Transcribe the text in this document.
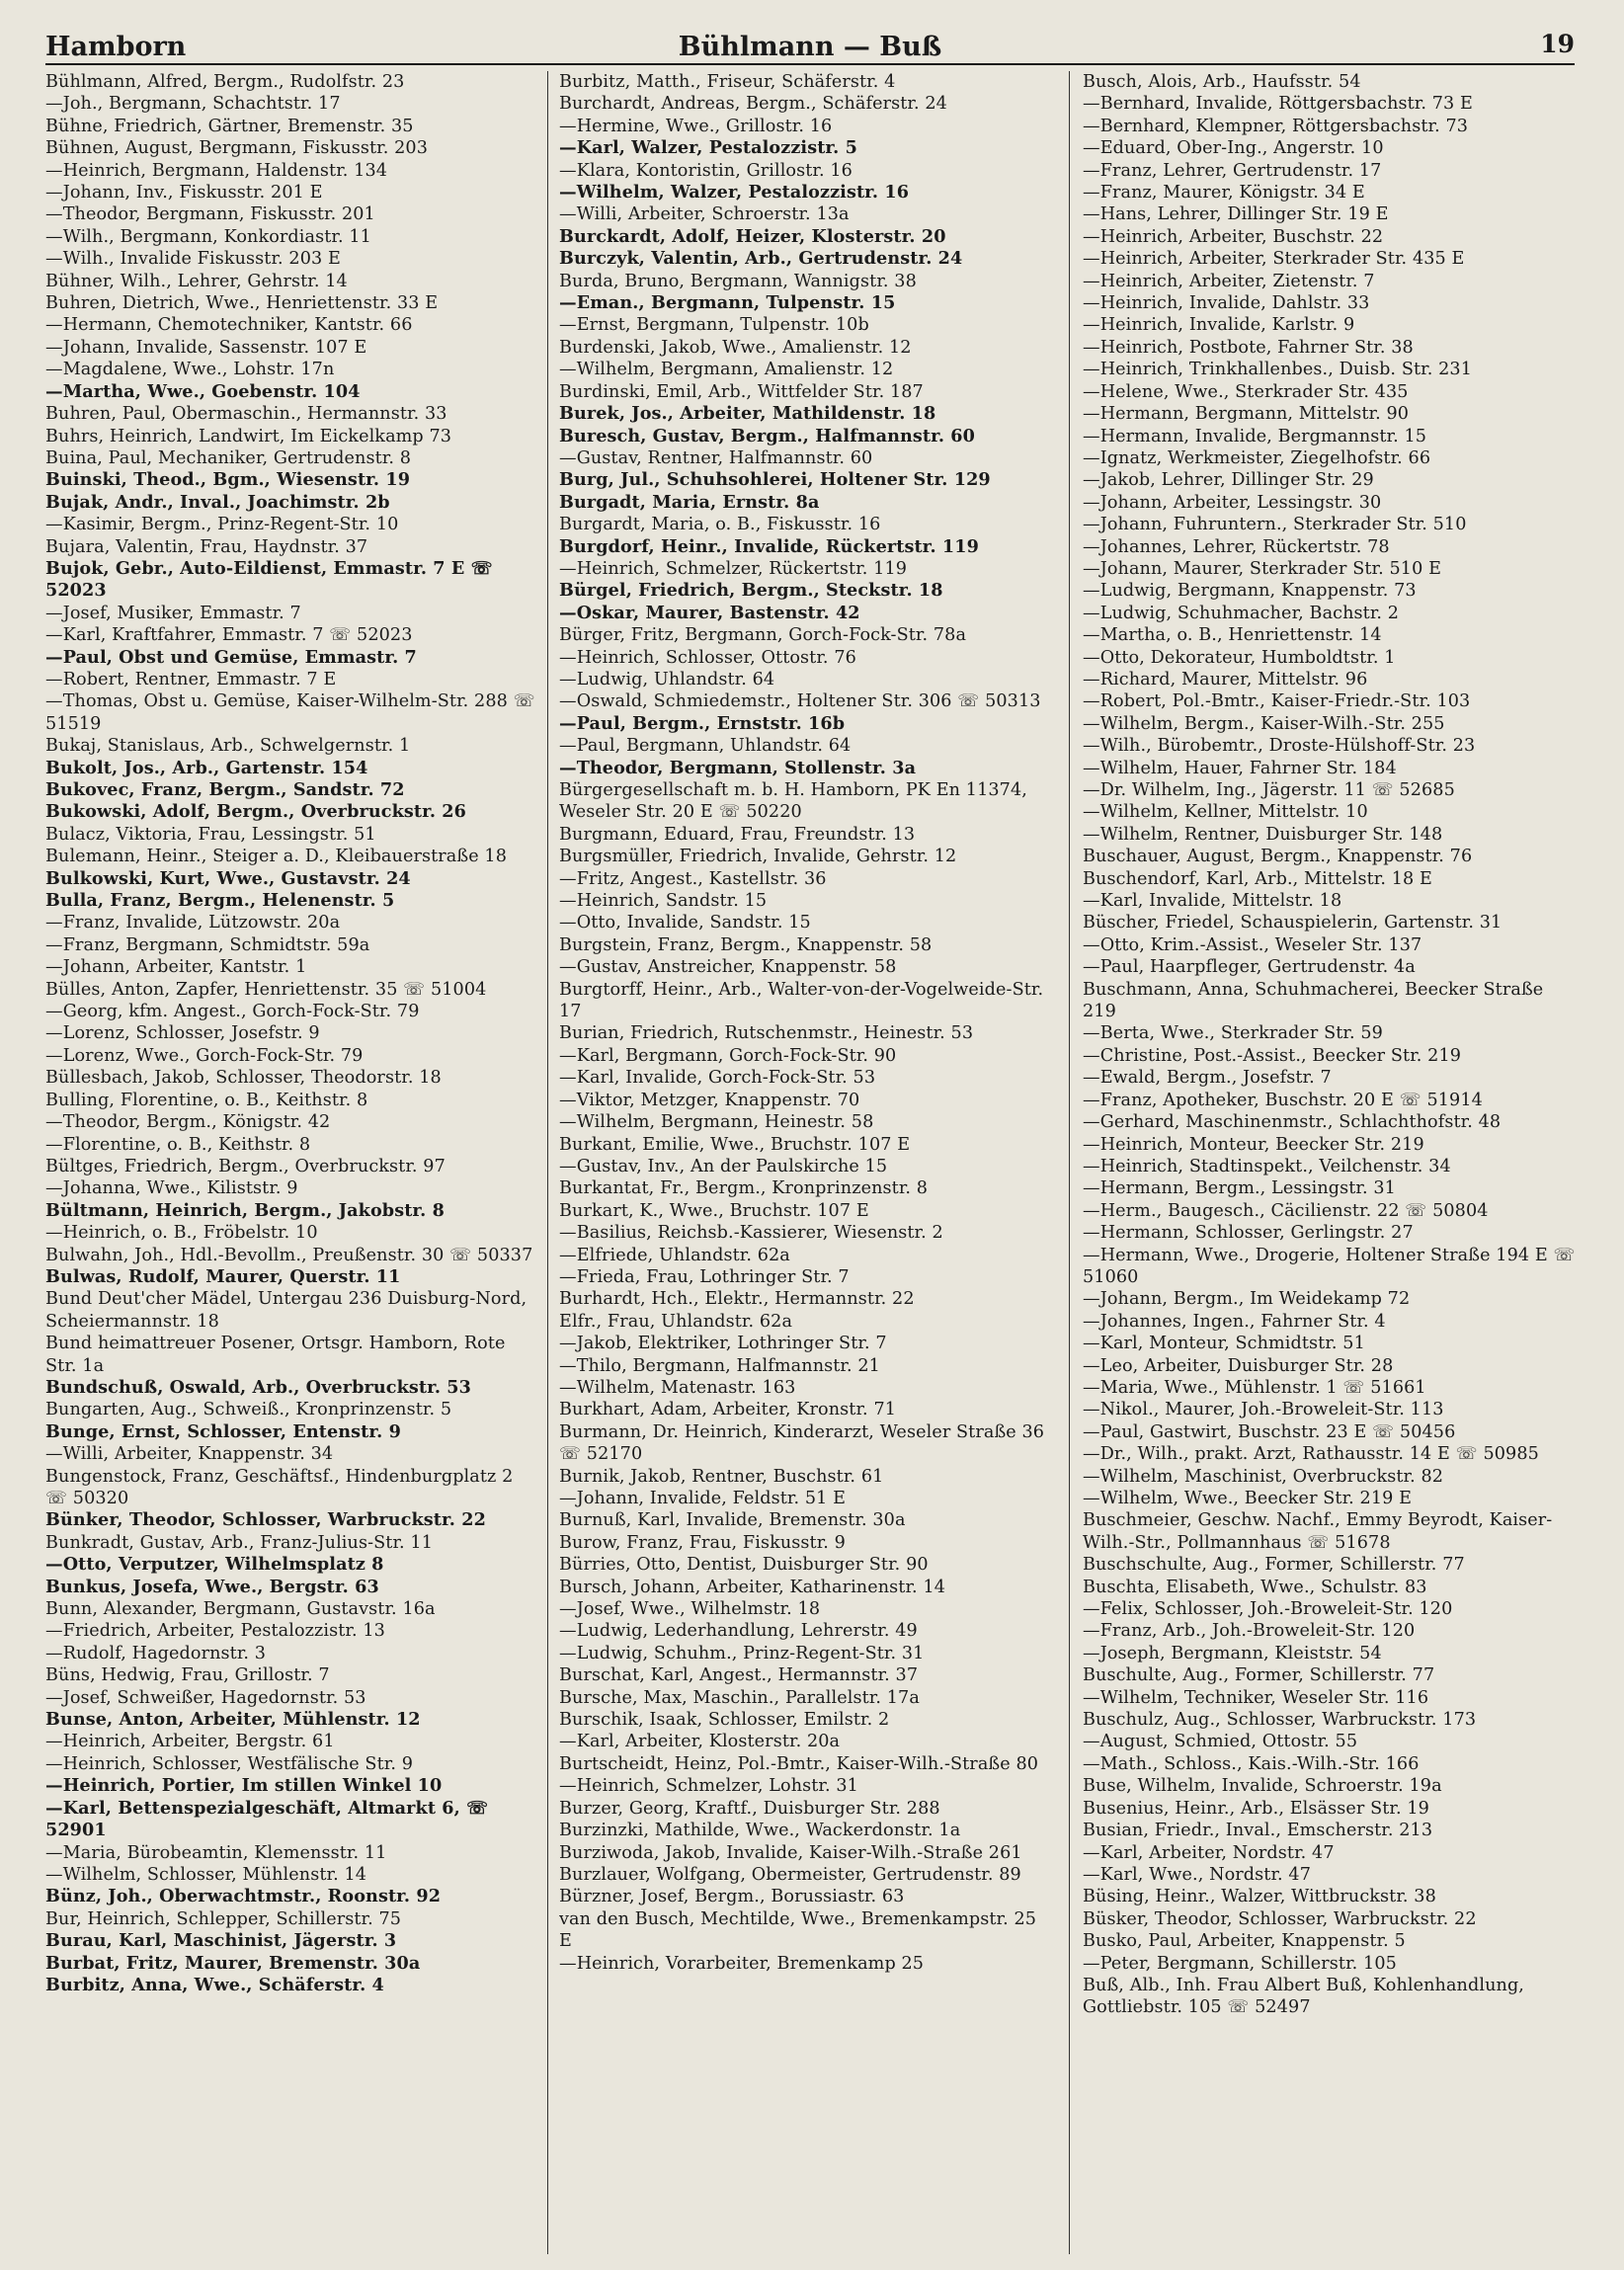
Hamborn	Bühlmann — Buß	19

Bühlmann, Alfred, Bergm., Rudolfstr. 23

—Joh., Bergmann, Schachtstr. 17

Bühne, Friedrich, Gärtner, Bremenstr. 35

Bühnen, August, Bergmann, Fiskusstr. 203

—Heinrich, Bergmann, Haldenstr. 134

—Johann, Inv., Fiskusstr. 201 E

—Theodor, Bergmann, Fiskusstr. 201

—Wilh., Bergmann, Konkordiastr. 11

—Wilh., Invalide Fiskusstr. 203 E

Bühner, Wilh., Lehrer, Gehrstr. 14

Buhren, Dietrich, Wwe., Henriettenstr. 33 E

—Hermann, Chemotechniker, Kantstr. 66

—Johann, Invalide, Sassenstr. 107 E

—Magdalene, Wwe., Lohstr. 17n

—Martha, Wwe., Goebenstr. 104

Buhren, Paul, Obermaschin., Hermannstr. 33

Buhrs, Heinrich, Landwirt, Im Eickelkamp 73

Buina, Paul, Mechaniker, Gertrudenstr. 8

Buinski, Theod., Bgm., Wiesenstr. 19

Bujak, Andr., Inval., Joachimstr. 2b

—Kasimir, Bergm., Prinz-Regent-Str. 10

Bujara, Valentin, Frau, Haydnstr. 37

Bujok, Gebr., Auto-Eildienst, Emmastr. 7 E ☏ 52023

—Josef, Musiker, Emmastr. 7

—Karl, Kraftfahrer, Emmastr. 7 ☏ 52023

—Paul, Obst und Gemüse, Emmastr. 7

—Robert, Rentner, Emmastr. 7 E

—Thomas, Obst u. Gemüse, Kaiser-Wilhelm-Str. 288 ☏ 51519

Bukaj, Stanislaus, Arb., Schwelgernstr. 1

Bukolt, Jos., Arb., Gartenstr. 154

Bukovec, Franz, Bergm., Sandstr. 72

Bukowski, Adolf, Bergm., Overbruckstr. 26

Bulacz, Viktoria, Frau, Lessingstr. 51

Bulemann, Heinr., Steiger a. D., Kleibauerstraße 18

Bulkowski, Kurt, Wwe., Gustavstr. 24

Bulla, Franz, Bergm., Helenenstr. 5

—Franz, Invalide, Lützowstr. 20a

—Franz, Bergmann, Schmidtstr. 59a

—Johann, Arbeiter, Kantstr. 1

Bülles, Anton, Zapfer, Henriettenstr. 35 ☏ 51004

—Georg, kfm. Angest., Gorch-Fock-Str. 79

—Lorenz, Schlosser, Josefstr. 9

—Lorenz, Wwe., Gorch-Fock-Str. 79

Büllesbach, Jakob, Schlosser, Theodorstr. 18

Bulling, Florentine, o. B., Keithstr. 8

—Theodor, Bergm., Königstr. 42

—Florentine, o. B., Keithstr. 8

Bültges, Friedrich, Bergm., Overbruckstr. 97

—Johanna, Wwe., Kiliststr. 9

Bültmann, Heinrich, Bergm., Jakobstr. 8

—Heinrich, o. B., Fröbelstr. 10

Bulwahn, Joh., Hdl.-Bevollm., Preußenstr. 30 ☏ 50337

Bulwas, Rudolf, Maurer, Querstr. 11

Bund Deut'cher Mädel, Untergau 236 Duisburg-Nord, Scheiermannstr. 18

Bund heimattreuer Posener, Ortsgr. Hamborn, Rote Str. 1a

Bundschuß, Oswald, Arb., Overbruckstr. 53

Bungarten, Aug., Schweiß., Kronprinzenstr. 5

Bunge, Ernst, Schlosser, Entenstr. 9

—Willi, Arbeiter, Knappenstr. 34

Bungenstock, Franz, Geschäftsf., Hindenburgplatz 2 ☏ 50320

Bünker, Theodor, Schlosser, Warbruckstr. 22

Bunkradt, Gustav, Arb., Franz-Julius-Str. 11

—Otto, Verputzer, Wilhelmsplatz 8

Bunkus, Josefa, Wwe., Bergstr. 63

Bunn, Alexander, Bergmann, Gustavstr. 16a

—Friedrich, Arbeiter, Pestalozzistr. 13

—Rudolf, Hagedornstr. 3

Büns, Hedwig, Frau, Grillostr. 7

—Josef, Schweißer, Hagedornstr. 53

Bunse, Anton, Arbeiter, Mühlenstr. 12

—Heinrich, Arbeiter, Bergstr. 61

—Heinrich, Schlosser, Westfälische Str. 9

—Heinrich, Portier, Im stillen Winkel 10

—Karl, Bettenspezialgeschäft, Altmarkt 6, ☏ 52901

—Maria, Bürobeamtin, Klemensstr. 11

—Wilhelm, Schlosser, Mühlenstr. 14

Bünz, Joh., Oberwachtmstr., Roonstr. 92

Bur, Heinrich, Schlepper, Schillerstr. 75

Burau, Karl, Maschinist, Jägerstr. 3

Burbat, Fritz, Maurer, Bremenstr. 30a

Burbitz, Anna, Wwe., Schäferstr. 4

Burbitz, Matth., Friseur, Schäferstr. 4

Burchardt, Andreas, Bergm., Schäferstr. 24

—Hermine, Wwe., Grillostr. 16

—Karl, Walzer, Pestalozzistr. 5

—Klara, Kontoristin, Grillostr. 16

—Wilhelm, Walzer, Pestalozzistr. 16

—Willi, Arbeiter, Schroerstr. 13a

Burckardt, Adolf, Heizer, Klosterstr. 20

Burczyk, Valentin, Arb., Gertrudenstr. 24

Burda, Bruno, Bergmann, Wannigstr. 38

—Eman., Bergmann, Tulpenstr. 15

—Ernst, Bergmann, Tulpenstr. 10b

Burdenski, Jakob, Wwe., Amalienstr. 12

—Wilhelm, Bergmann, Amalienstr. 12

Burdinski, Emil, Arb., Wittfelder Str. 187

Burek, Jos., Arbeiter, Mathildenstr. 18

Buresch, Gustav, Bergm., Halfmannstr. 60

—Gustav, Rentner, Halfmannstr. 60

Burg, Jul., Schuhsohlerei, Holtener Str. 129

Burgadt, Maria, Ernstr. 8a

Burgardt, Maria, o. B., Fiskusstr. 16

Burgdorf, Heinr., Invalide, Rückertstr. 119

—Heinrich, Schmelzer, Rückertstr. 119

Bürgel, Friedrich, Bergm., Steckstr. 18

—Oskar, Maurer, Bastenstr. 42

Bürger, Fritz, Bergmann, Gorch-Fock-Str. 78a

—Heinrich, Schlosser, Ottostr. 76

—Ludwig, Uhlandstr. 64

—Oswald, Schmiedemstr., Holtener Str. 306 ☏ 50313

—Paul, Bergm., Ernststr. 16b

—Paul, Bergmann, Uhlandstr. 64

—Theodor, Bergmann, Stollenstr. 3a

Bürgergesellschaft m. b. H. Hamborn, PK En 11374, Weseler Str. 20 E ☏ 50220

Burgmann, Eduard, Frau, Freundstr. 13

Burgsmüller, Friedrich, Invalide, Gehrstr. 12

—Fritz, Angest., Kastellstr. 36

—Heinrich, Sandstr. 15

—Otto, Invalide, Sandstr. 15

Burgstein, Franz, Bergm., Knappenstr. 58

—Gustav, Anstreicher, Knappenstr. 58

Burgtorff, Heinr., Arb., Walter-von-der-Vogelweide-Str. 17

Burian, Friedrich, Rutschenmstr., Heinestr. 53

—Karl, Bergmann, Gorch-Fock-Str. 90

—Karl, Invalide, Gorch-Fock-Str. 53

—Viktor, Metzger, Knappenstr. 70

—Wilhelm, Bergmann, Heinestr. 58

Burkant, Emilie, Wwe., Bruchstr. 107 E

—Gustav, Inv., An der Paulskirche 15

Burkantat, Fr., Bergm., Kronprinzenstr. 8

Burkart, K., Wwe., Bruchstr. 107 E

—Basilius, Reichsb.-Kassierer, Wiesenstr. 2

—Elfriede, Uhlandstr. 62a

—Frieda, Frau, Lothringer Str. 7

Burhardt, Hch., Elektr., Hermannstr. 22

Elfr., Frau, Uhlandstr. 62a

—Jakob, Elektriker, Lothringer Str. 7

—Thilo, Bergmann, Halfmannstr. 21

—Wilhelm, Matenastr. 163

Burkhart, Adam, Arbeiter, Kronstr. 71

Burmann, Dr. Heinrich, Kinderarzt, Weseler Straße 36 ☏ 52170

Burnik, Jakob, Rentner, Buschstr. 61

—Johann, Invalide, Feldstr. 51 E

Burnuß, Karl, Invalide, Bremenstr. 30a

Burow, Franz, Frau, Fiskusstr. 9

Bürries, Otto, Dentist, Duisburger Str. 90

Bursch, Johann, Arbeiter, Katharinenstr. 14

—Josef, Wwe., Wilhelmstr. 18

—Ludwig, Lederhandlung, Lehrerstr. 49

—Ludwig, Schuhm., Prinz-Regent-Str. 31

Burschat, Karl, Angest., Hermannstr. 37

Bursche, Max, Maschin., Parallelstr. 17a

Burschik, Isaak, Schlosser, Emilstr. 2

—Karl, Arbeiter, Klosterstr. 20a

Burtscheidt, Heinz, Pol.-Bmtr., Kaiser-Wilh.-Straße 80

—Heinrich, Schmelzer, Lohstr. 31

Burzer, Georg, Kraftf., Duisburger Str. 288

Burzinzki, Mathilde, Wwe., Wackerdonstr. 1a

Burziwoda, Jakob, Invalide, Kaiser-Wilh.-Straße 261

Burzlauer, Wolfgang, Obermeister, Gertrudenstr. 89

Bürzner, Josef, Bergm., Borussiastr. 63

van den Busch, Mechtilde, Wwe., Bremenkampstr. 25 E

—Heinrich, Vorarbeiter, Bremenkamp 25

Busch, Alois, Arb., Haufsstr. 54

—Bernhard, Invalide, Röttgersbachstr. 73 E

—Bernhard, Klempner, Röttgersbachstr. 73

—Eduard, Ober-Ing., Angerstr. 10

—Franz, Lehrer, Gertrudenstr. 17

—Franz, Maurer, Königstr. 34 E

—Hans, Lehrer, Dillinger Str. 19 E

—Heinrich, Arbeiter, Buschstr. 22

—Heinrich, Arbeiter, Sterkrader Str. 435 E

—Heinrich, Arbeiter, Zietenstr. 7

—Heinrich, Invalide, Dahlstr. 33

—Heinrich, Invalide, Karlstr. 9

—Heinrich, Postbote, Fahrner Str. 38

—Heinrich, Trinkhallenbes., Duisb. Str. 231

—Helene, Wwe., Sterkrader Str. 435

—Hermann, Bergmann, Mittelstr. 90

—Hermann, Invalide, Bergmannstr. 15

—Ignatz, Werkmeister, Ziegelhofstr. 66

—Jakob, Lehrer, Dillinger Str. 29

—Johann, Arbeiter, Lessingstr. 30

—Johann, Fuhruntern., Sterkrader Str. 510

—Johannes, Lehrer, Rückertstr. 78

—Johann, Maurer, Sterkrader Str. 510 E

—Ludwig, Bergmann, Knappenstr. 73

—Ludwig, Schuhmacher, Bachstr. 2

—Martha, o. B., Henriettenstr. 14

—Otto, Dekorateur, Humboldtstr. 1

—Richard, Maurer, Mittelstr. 96

—Robert, Pol.-Bmtr., Kaiser-Friedr.-Str. 103

—Wilhelm, Bergm., Kaiser-Wilh.-Str. 255

—Wilh., Bürobemtr., Droste-Hülshoff-Str. 23

—Wilhelm, Hauer, Fahrner Str. 184

—Dr. Wilhelm, Ing., Jägerstr. 11 ☏ 52685

—Wilhelm, Kellner, Mittelstr. 10

—Wilhelm, Rentner, Duisburger Str. 148

Buschauer, August, Bergm., Knappenstr. 76

Buschendorf, Karl, Arb., Mittelstr. 18 E

—Karl, Invalide, Mittelstr. 18

Büscher, Friedel, Schauspielerin, Gartenstr. 31

—Otto, Krim.-Assist., Weseler Str. 137

—Paul, Haarpfleger, Gertrudenstr. 4a

Buschmann, Anna, Schuhmacherei, Beecker Straße 219

—Berta, Wwe., Sterkrader Str. 59

—Christine, Post.-Assist., Beecker Str. 219

—Ewald, Bergm., Josefstr. 7

—Franz, Apotheker, Buschstr. 20 E ☏ 51914

—Gerhard, Maschinenmstr., Schlachthofstr. 48

—Heinrich, Monteur, Beecker Str. 219

—Heinrich, Stadtinspekt., Veilchenstr. 34

—Hermann, Bergm., Lessingstr. 31

—Herm., Baugesch., Cäcilienstr. 22 ☏ 50804

—Hermann, Schlosser, Gerlingstr. 27

—Hermann, Wwe., Drogerie, Holtener Straße 194 E ☏ 51060

—Johann, Bergm., Im Weidekamp 72

—Johannes, Ingen., Fahrner Str. 4

—Karl, Monteur, Schmidtstr. 51

—Leo, Arbeiter, Duisburger Str. 28

—Maria, Wwe., Mühlenstr. 1 ☏ 51661

—Nikol., Maurer, Joh.-Broweleit-Str. 113

—Paul, Gastwirt, Buschstr. 23 E ☏ 50456

—Dr., Wilh., prakt. Arzt, Rathausstr. 14 E ☏ 50985

—Wilhelm, Maschinist, Overbruckstr. 82

—Wilhelm, Wwe., Beecker Str. 219 E

Buschmeier, Geschw. Nachf., Emmy Beyrodt, Kaiser-Wilh.-Str., Pollmannhaus ☏ 51678

Buschschulte, Aug., Former, Schillerstr. 77

Buschta, Elisabeth, Wwe., Schulstr. 83

—Felix, Schlosser, Joh.-Broweleit-Str. 120

—Franz, Arb., Joh.-Broweleit-Str. 120

—Joseph, Bergmann, Kleiststr. 54

Buschulte, Aug., Former, Schillerstr. 77

—Wilhelm, Techniker, Weseler Str. 116

Buschulz, Aug., Schlosser, Warbruckstr. 173

—August, Schmied, Ottostr. 55

—Math., Schloss., Kais.-Wilh.-Str. 166

Buse, Wilhelm, Invalide, Schroerstr. 19a

Busenius, Heinr., Arb., Elsässer Str. 19

Busian, Friedr., Inval., Emscherstr. 213

—Karl, Arbeiter, Nordstr. 47

—Karl, Wwe., Nordstr. 47

Büsing, Heinr., Walzer, Wittbruckstr. 38

Büsker, Theodor, Schlosser, Warbruckstr. 22

Busko, Paul, Arbeiter, Knappenstr. 5

—Peter, Bergmann, Schillerstr. 105

Buß, Alb., Inh. Frau Albert Buß, Kohlenhandlung, Gottliebstr. 105 ☏ 52497
